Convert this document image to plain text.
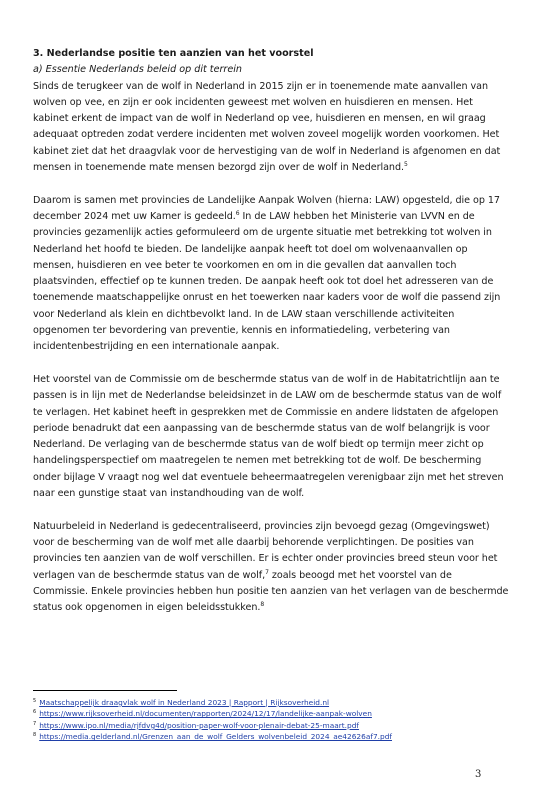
3. Nederlandse positie ten aanzien van het voorstel
a) Essentie Nederlands beleid op dit terrein
Sinds de terugkeer van de wolf in Nederland in 2015 zijn er in toenemende mate aanvallen van
wolven op vee, en zijn er ook incidenten geweest met wolven en huisdieren en mensen. Het
kabinet erkent de impact van de wolf in Nederland op vee, huisdieren en mensen, en wil graag
adequaat optreden zodat verdere incidenten met wolven zoveel mogelijk worden voorkomen. Het
kabinet ziet dat het draagvlak voor de hervestiging van de wolf in Nederland is afgenomen en dat
mensen in toenemende mate mensen bezorgd zijn over de wolf in Nederland.$^5$
Daarom is samen met provincies de Landelijke Aanpak Wolven (hierna: LAW) opgesteld, die op 17
december 2024 met uw Kamer is gedeeld.$^6$ In de LAW hebben het Ministerie van LVVN en de
provincies gezamenlijk acties geformuleerd om de urgente situatie met betrekking tot wolven in
Nederland het hoofd te bieden. De landelijke aanpak heeft tot doel om wolvenaanvallen op
mensen, huisdieren en vee beter te voorkomen en om in die gevallen dat aanvallen toch
plaatsvinden, effectief op te kunnen treden. De aanpak heeft ook tot doel het adresseren van de
toenemende maatschappelijke onrust en het toewerken naar kaders voor de wolf die passend zijn
voor Nederland als klein en dichtbevolkt land. In de LAW staan verschillende activiteiten
opgenomen ter bevordering van preventie, kennis en informatiedeling, verbetering van
incidentenbestrijding en een internationale aanpak.
Het voorstel van de Commissie om de beschermde status van de wolf in de Habitatrichtlijn aan te
passen is in lijn met de Nederlandse beleidsinzet in de LAW om de beschermde status van de wolf
te verlagen. Het kabinet heeft in gesprekken met de Commissie en andere lidstaten de afgelopen
periode benadrukt dat een aanpassing van de beschermde status van de wolf belangrijk is voor
Nederland. De verlaging van de beschermde status van de wolf biedt op termijn meer zicht op
handelingsperspectief om maatregelen te nemen met betrekking tot de wolf. De bescherming
onder bijlage V vraagt nog wel dat eventuele beheermaatregelen verenigbaar zijn met het streven
naar een gunstige staat van instandhouding van de wolf.
Natuurbeleid in Nederland is gedecentraliseerd, provincies zijn bevoegd gezag (Omgevingswet)
voor de bescherming van de wolf met alle daarbij behorende verplichtingen. De posities van
provincies ten aanzien van de wolf verschillen. Er is echter onder provincies breed steun voor het
verlagen van de beschermde status van de wolf,$^7$ zoals beoogd met het voorstel van de
Commissie. Enkele provincies hebben hun positie ten aanzien van het verlagen van de beschermde
status ook opgenomen in eigen beleidsstukken.$^8$
$^5$ Maatschappelijk draagvlak wolf in Nederland 2023 | Rapport | Rijksoverheid.nl
$^6$ https://www.rijksoverheid.nl/documenten/rapporten/2024/12/17/landelijke-aanpak-wolven
$^7$ https://www.ipo.nl/media/rjfdvg4d/position-paper-wolf-voor-plenair-debat-25-maart.pdf
$^8$ https://media.gelderland.nl/Grenzen_aan_de_wolf_Gelders_wolvenbeleid_2024_ae42626af7.pdf
3
